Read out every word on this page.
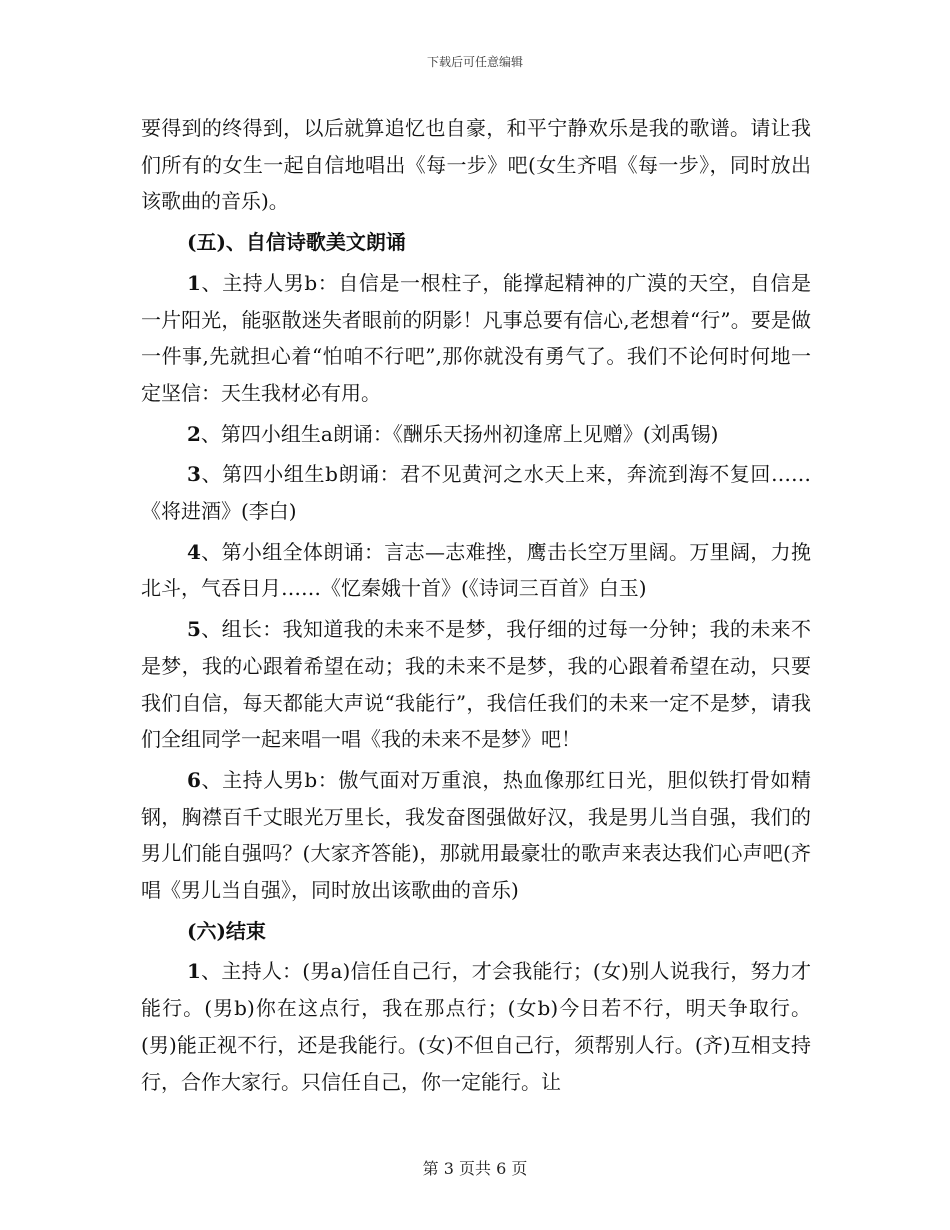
下载后可任意编辑

要得到的终得到，以后就算追忆也自豪，和平宁静欢乐是我的歌谱。请让我们所有的女生一起自信地唱出《每一步》吧(女生齐唱《每一步》，同时放出该歌曲的音乐)。

(五)、自信诗歌美文朗诵

1、主持人男b：自信是一根柱子，能撑起精神的广漠的天空，自信是一片阳光，能驱散迷失者眼前的阴影！凡事总要有信心,老想着“行”。要是做一件事,先就担心着“怕咱不行吧”,那你就没有勇气了。我们不论何时何地一定坚信：天生我材必有用。

2、第四小组生a朗诵：《酬乐天扬州初逢席上见赠》(刘禹锡)

3、第四小组生b朗诵：君不见黄河之水天上来，奔流到海不复回……《将进酒》(李白)

4、第小组全体朗诵：言志—志难挫，鹰击长空万里阔。万里阔，力挽北斗，气吞日月……《忆秦娥十首》(《诗词三百首》白玉)

5、组长：我知道我的未来不是梦，我仔细的过每一分钟；我的未来不是梦，我的心跟着希望在动；我的未来不是梦，我的心跟着希望在动，只要我们自信，每天都能大声说“我能行”，我信任我们的未来一定不是梦，请我们全组同学一起来唱一唱《我的未来不是梦》吧！

6、主持人男b：傲气面对万重浪，热血像那红日光，胆似铁打骨如精钢，胸襟百千丈眼光万里长，我发奋图强做好汉，我是男儿当自强，我们的男儿们能自强吗？(大家齐答能)，那就用最豪壮的歌声来表达我们心声吧(齐唱《男儿当自强》，同时放出该歌曲的音乐)

(六)结束

1、主持人：(男a)信任自己行，才会我能行；(女)别人说我行，努力才能行。(男b)你在这点行，我在那点行；(女b)今日若不行，明天争取行。(男)能正视不行，还是我能行。(女)不但自己行，须帮别人行。(齐)互相支持行，合作大家行。只信任自己，你一定能行。让

第 3 页共 6 页
